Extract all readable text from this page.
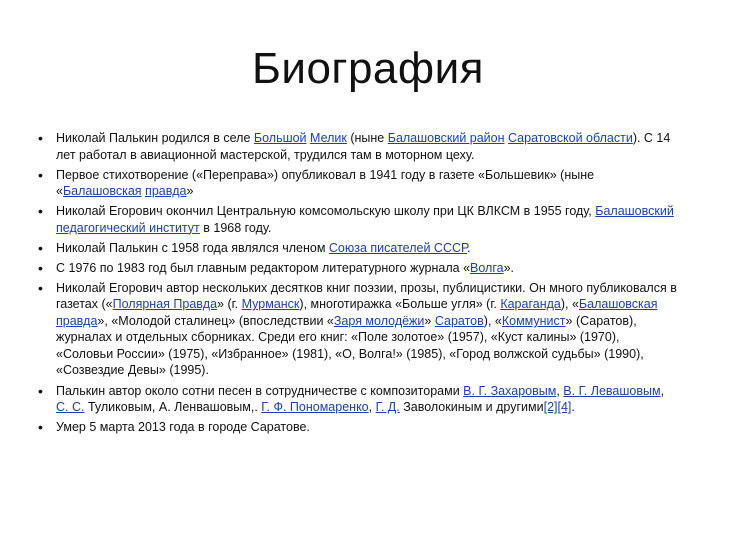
Биография
• Николай Палькин родился в селе Большой Мелик (ныне Балашовский район Саратовской области). С 14 лет работал в авиационной мастерской, трудился там в моторном цеху.
• Первое стихотворение («Переправа») опубликовал в 1941 году в газете «Большевик» (ныне «Балашовская правда»
• Николай Егорович окончил Центральную комсомольскую школу при ЦК ВЛКСМ в 1955 году, Балашовский педагогический институт в 1968 году.
• Николай Палькин с 1958 года являлся членом Союза писателей СССР.
• С 1976 по 1983 год был главным редактором литературного журнала «Волга».
• Николай Егорович автор нескольких десятков книг поэзии, прозы, публицистики. Он много публиковался в газетах («Полярная Правда» (г. Мурманск), многотиражка «Больше угля» (г. Караганда), «Балашовская правда», «Молодой сталинец» (впоследствии «Заря молодёжи» Саратов), «Коммунист» (Саратов), журналах и отдельных сборниках. Среди его книг: «Поле золотое» (1957), «Куст калины» (1970), «Соловьи России» (1975), «Избранное» (1981), «О, Волга!» (1985), «Город волжской судьбы» (1990), «Созвездие Девы» (1995).
• Палькин автор около сотни песен в сотрудничестве с композиторами В. Г. Захаровым, В. Г. Левашовым, С. С. Туликовым, А. Ленвашовым,. Г. Ф. Пономаренко, Г. Д. Заволокиным и другими[2][4].
• Умер 5 марта 2013 года в городе Саратове.
